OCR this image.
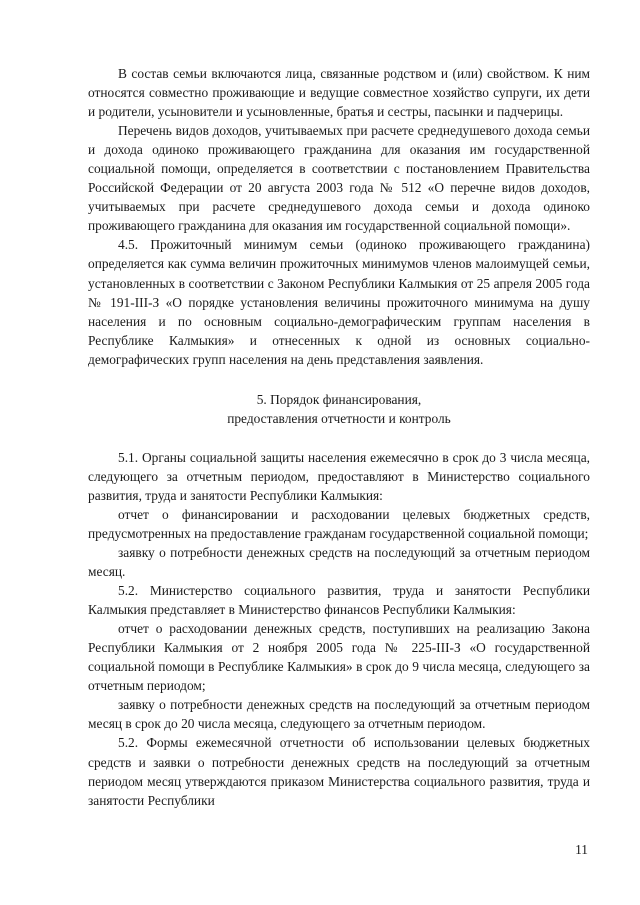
В состав семьи включаются лица, связанные родством и (или) свойством. К ним относятся совместно проживающие и ведущие совместное хозяйство супруги, их дети и родители, усыновители и усыновленные, братья и сестры, пасынки и падчерицы.

Перечень видов доходов, учитываемых при расчете среднедушевого дохода семьи и дохода одиноко проживающего гражданина для оказания им государственной социальной помощи, определяется в соответствии с постановлением Правительства Российской Федерации от 20 августа 2003 года № 512 «О перечне видов доходов, учитываемых при расчете среднедушевого дохода семьи и дохода одиноко проживающего гражданина для оказания им государственной социальной помощи».

4.5. Прожиточный минимум семьи (одиноко проживающего гражданина) определяется как сумма величин прожиточных минимумов членов малоимущей семьи, установленных в соответствии с Законом Республики Калмыкия от 25 апреля 2005 года № 191-III-З «О порядке установления величины прожиточного минимума на душу населения и по основным социально-демографическим группам населения в Республике Калмыкия» и отнесенных к одной из основных социально-демографических групп населения на день представления заявления.

5. Порядок финансирования,
предоставления отчетности и контроль

5.1. Органы социальной защиты населения ежемесячно в срок до 3 числа месяца, следующего за отчетным периодом, предоставляют в Министерство социального развития, труда и занятости Республики Калмыкия:

отчет о финансировании и расходовании целевых бюджетных средств, предусмотренных на предоставление гражданам государственной социальной помощи;

заявку о потребности денежных средств на последующий за отчетным периодом месяц.

5.2. Министерство социального развития, труда и занятости Республики Калмыкия представляет в Министерство финансов Республики Калмыкия:

отчет о расходовании денежных средств, поступивших на реализацию Закона Республики Калмыкия от 2 ноября 2005 года № 225-III-З «О государственной социальной помощи в Республике Калмыкия» в срок до 9 числа месяца, следующего за отчетным периодом;

заявку о потребности денежных средств на последующий за отчетным периодом месяц в срок до 20 числа месяца, следующего за отчетным периодом.

5.2. Формы ежемесячной отчетности об использовании целевых бюджетных средств и заявки о потребности денежных средств на последующий за отчетным периодом месяц утверждаются приказом Министерства социального развития, труда и занятости Республики

11
